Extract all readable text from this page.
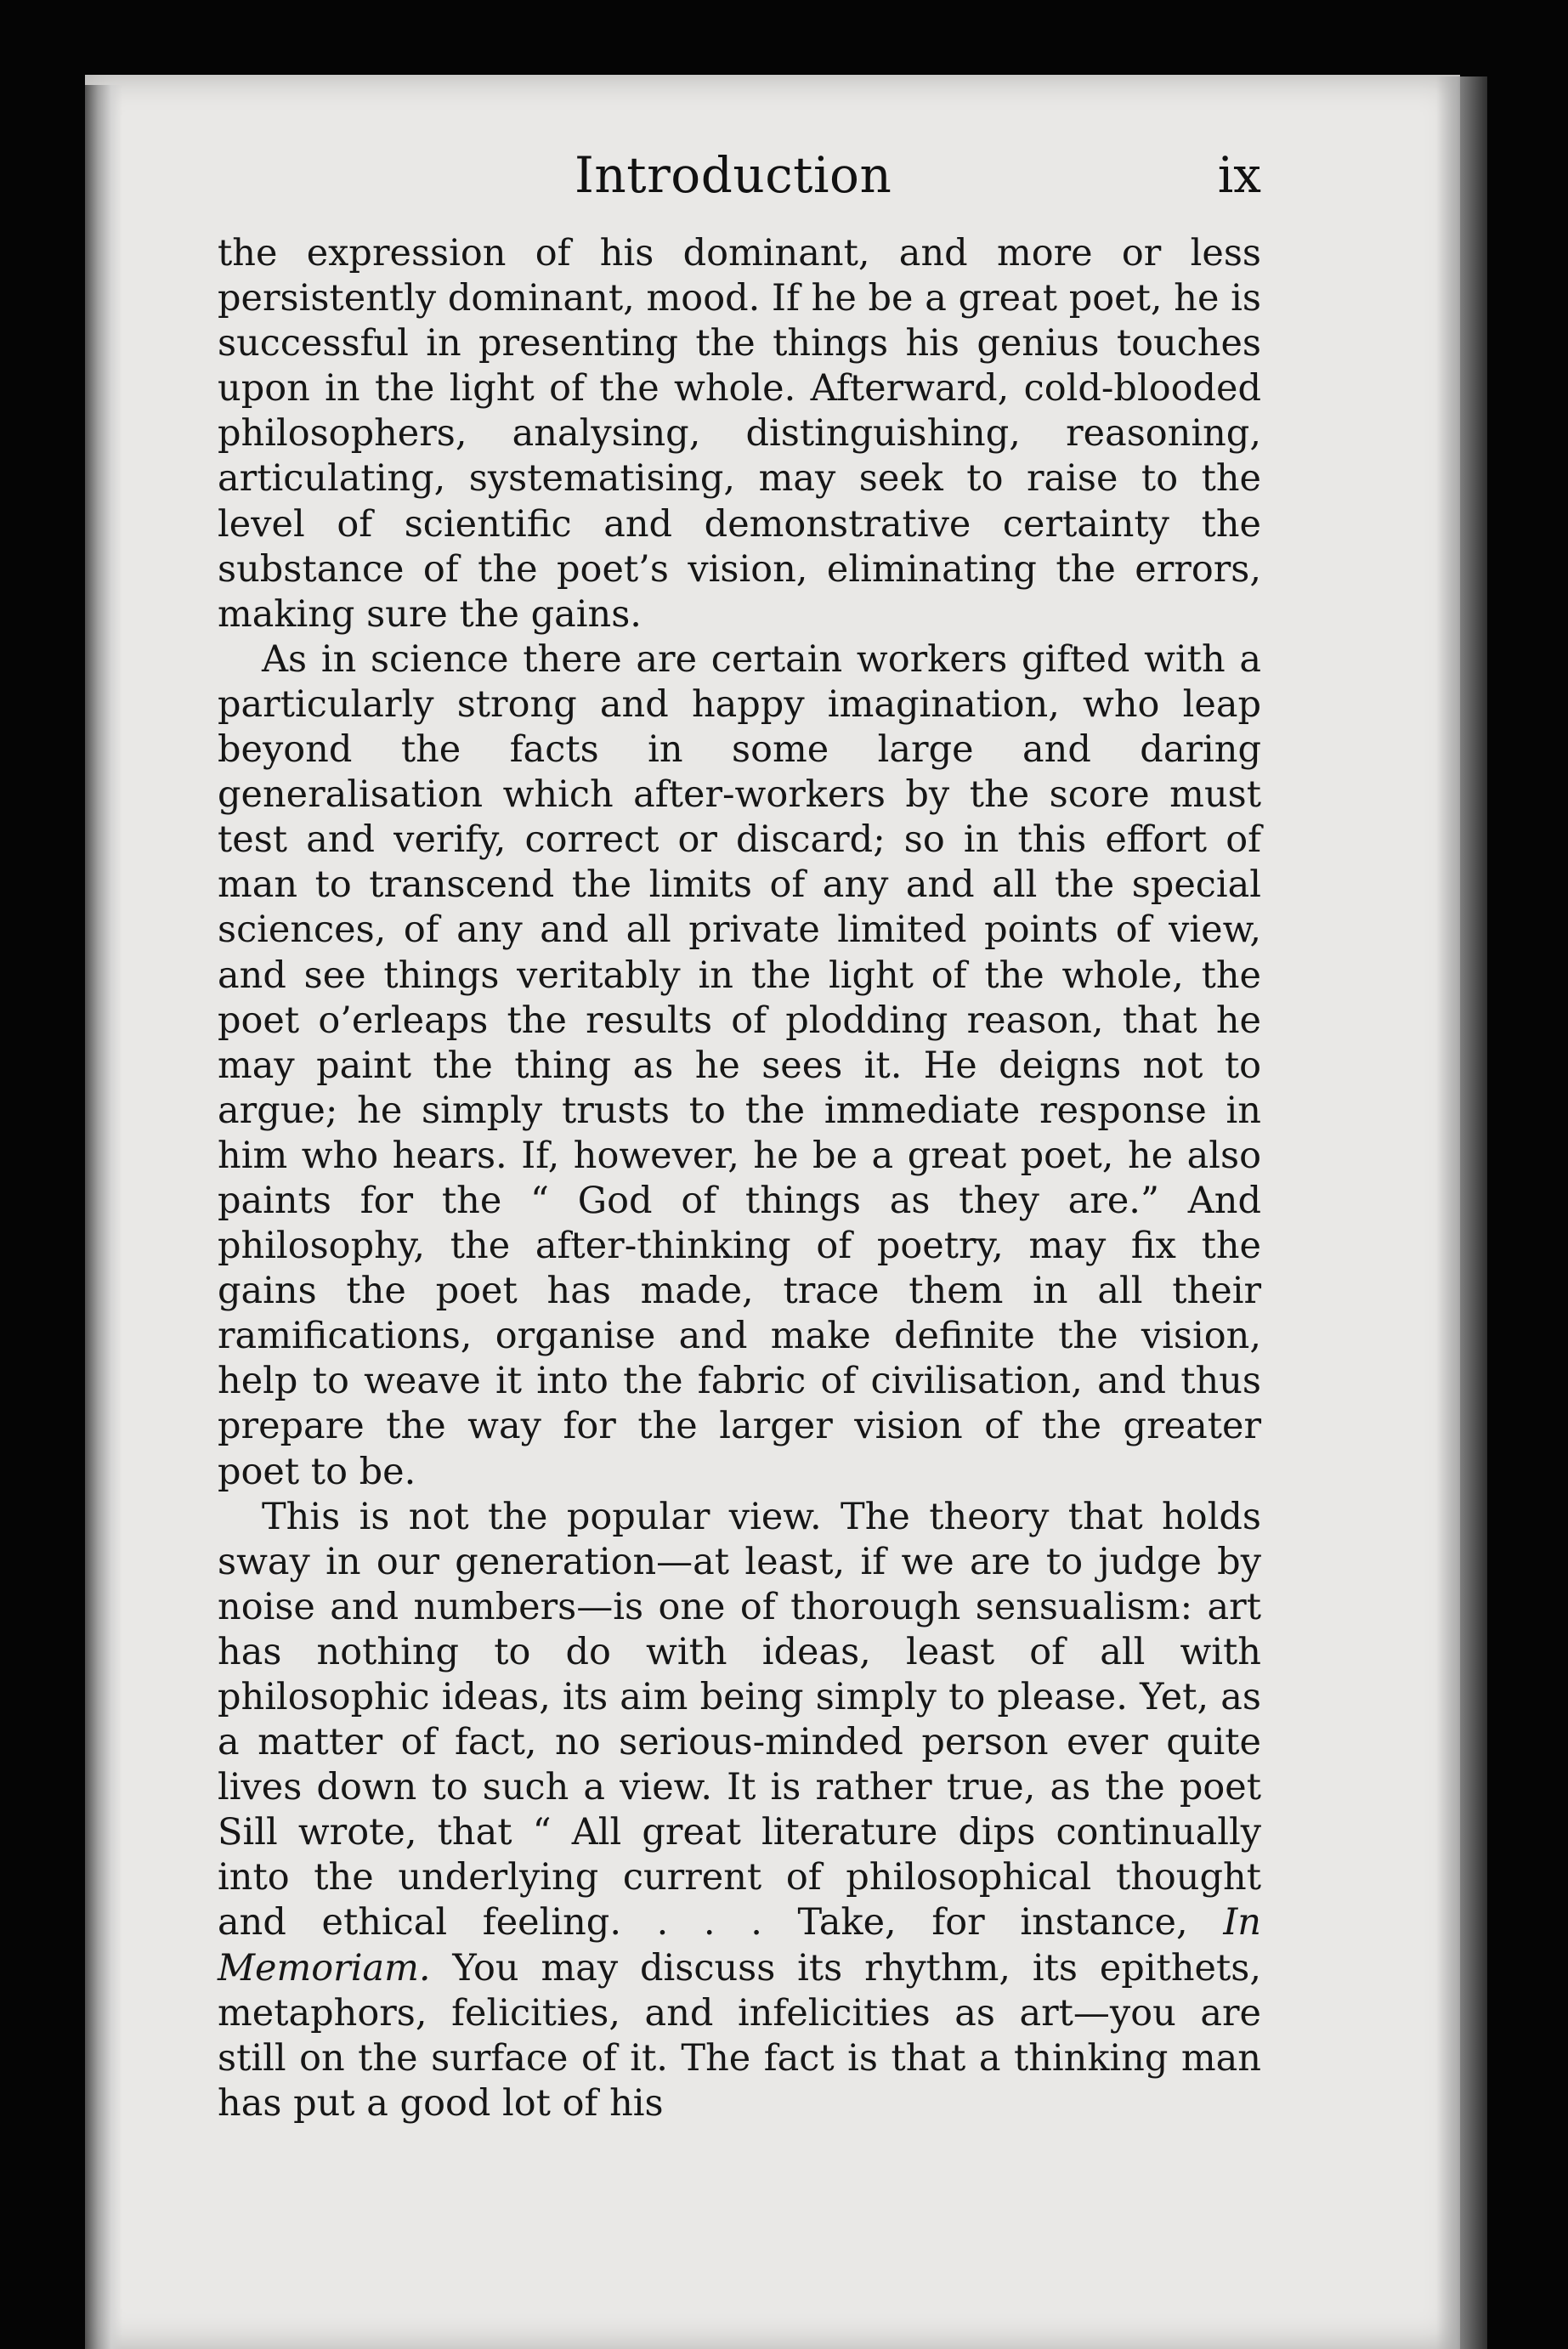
Introduction	ix

the expression of his dominant, and more or less persistently dominant, mood. If he be a great poet, he is successful in presenting the things his genius touches upon in the light of the whole. Afterward, cold-blooded philosophers, analysing, distinguishing, reasoning, articulating, systematising, may seek to raise to the level of scientific and demonstrative certainty the substance of the poet’s vision, eliminating the errors, making sure the gains.

As in science there are certain workers gifted with a particularly strong and happy imagination, who leap beyond the facts in some large and daring generalisation which after-workers by the score must test and verify, correct or discard; so in this effort of man to transcend the limits of any and all the special sciences, of any and all private limited points of view, and see things veritably in the light of the whole, the poet o’erleaps the results of plodding reason, that he may paint the thing as he sees it. He deigns not to argue; he simply trusts to the immediate response in him who hears. If, however, he be a great poet, he also paints for the “ God of things as they are.” And philosophy, the after-thinking of poetry, may fix the gains the poet has made, trace them in all their ramifications, organise and make definite the vision, help to weave it into the fabric of civilisation, and thus prepare the way for the larger vision of the greater poet to be.

This is not the popular view. The theory that holds sway in our generation—at least, if we are to judge by noise and numbers—is one of thorough sensualism: art has nothing to do with ideas, least of all with philosophic ideas, its aim being simply to please. Yet, as a matter of fact, no serious-minded person ever quite lives down to such a view. It is rather true, as the poet Sill wrote, that “ All great literature dips continually into the underlying current of philosophical thought and ethical feeling. . . . Take, for instance, In Memoriam. You may discuss its rhythm, its epithets, metaphors, felicities, and infelicities as art—you are still on the surface of it. The fact is that a thinking man has put a good lot of his
